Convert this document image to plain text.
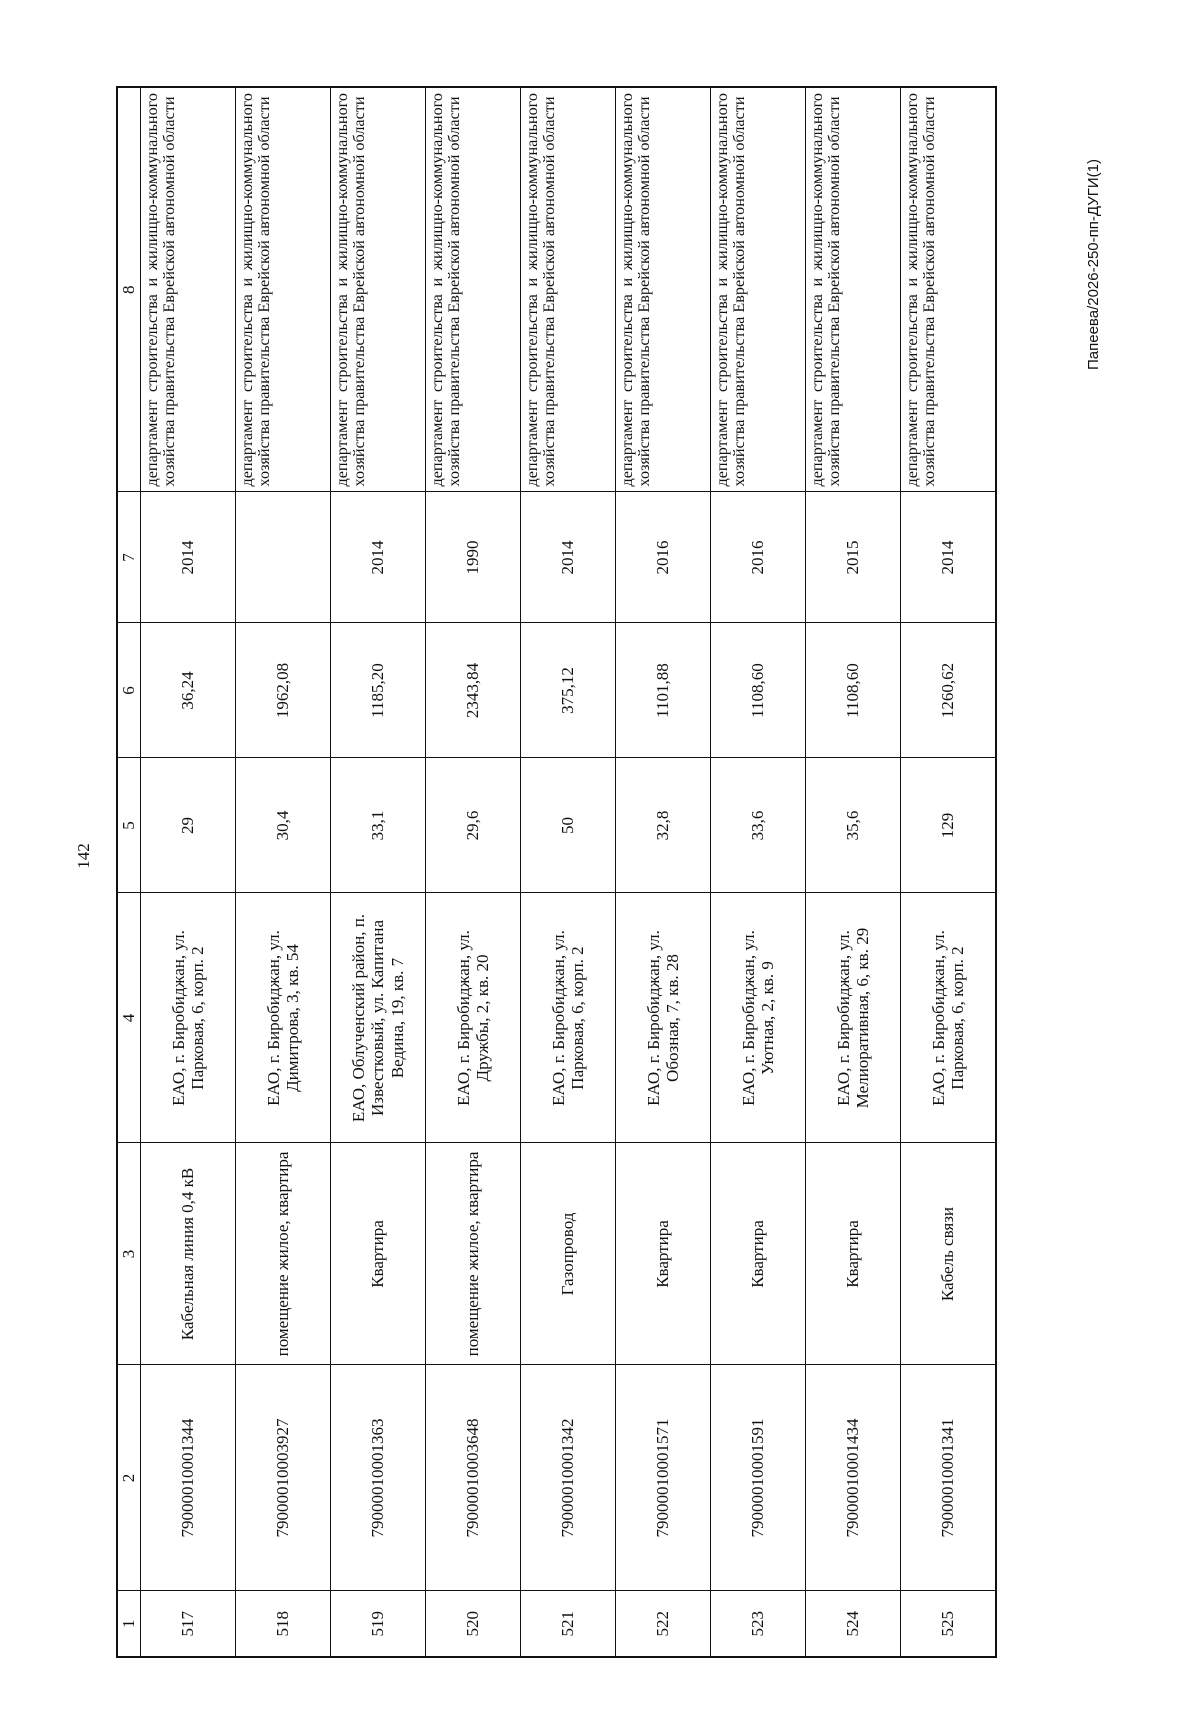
142
1	2	3	4	5	6	7	8
517	79000010001344	Кабельная линия 0,4 кВ	ЕАО, г. Биробиджан, ул. Парковая, 6, корп. 2	29	36,24	2014	департамент строительства и жилищно-коммунального хозяйства правительства Еврейской автономной области
518	79000010003927	помещение жилое, квартира	ЕАО, г. Биробиджан, ул. Димитрова, 3, кв. 54	30,4	1962,08		департамент строительства и жилищно-коммунального хозяйства правительства Еврейской автономной области
519	79000010001363	Квартира	ЕАО, Облученский район, п. Известковый, ул. Капитана Ведина, 19, кв. 7	33,1	1185,20	2014	департамент строительства и жилищно-коммунального хозяйства правительства Еврейской автономной области
520	79000010003648	помещение жилое, квартира	ЕАО, г. Биробиджан, ул. Дружбы, 2, кв. 20	29,6	2343,84	1990	департамент строительства и жилищно-коммунального хозяйства правительства Еврейской автономной области
521	79000010001342	Газопровод	ЕАО, г. Биробиджан, ул. Парковая, 6, корп. 2	50	375,12	2014	департамент строительства и жилищно-коммунального хозяйства правительства Еврейской автономной области
522	79000010001571	Квартира	ЕАО, г. Биробиджан, ул. Обозная, 7, кв. 28	32,8	1101,88	2016	департамент строительства и жилищно-коммунального хозяйства правительства Еврейской автономной области
523	79000010001591	Квартира	ЕАО, г. Биробиджан, ул. Уютная, 2, кв. 9	33,6	1108,60	2016	департамент строительства и жилищно-коммунального хозяйства правительства Еврейской автономной области
524	79000010001434	Квартира	ЕАО, г. Биробиджан, ул. Мелиоративная, 6, кв. 29	35,6	1108,60	2015	департамент строительства и жилищно-коммунального хозяйства правительства Еврейской автономной области
525	79000010001341	Кабель связи	ЕАО, г. Биробиджан, ул. Парковая, 6, корп. 2	129	1260,62	2014	департамент строительства и жилищно-коммунального хозяйства правительства Еврейской автономной области	Папеева/2026-250-пп-ДУГИ(1)
